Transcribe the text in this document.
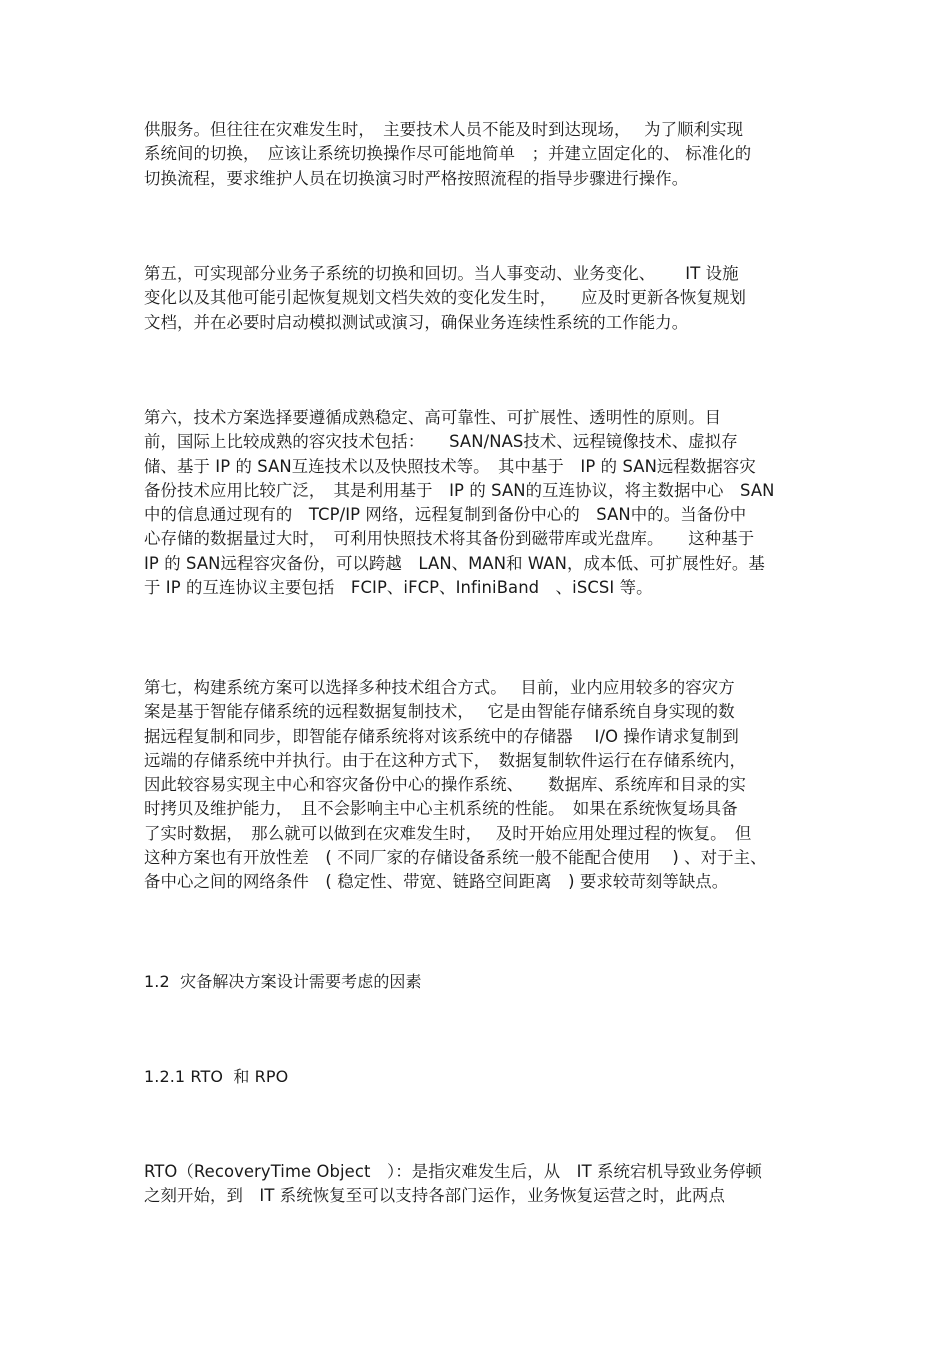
供服务。但往往在灾难发生时，　主要技术人员不能及时到达现场，　 为了顺利实现
系统间的切换，　应该让系统切换操作尽可能地简单　；并建立固定化的、 标准化的
切换流程，要求维护人员在切换演习时严格按照流程的指导步骤进行操作。
第五，可实现部分业务子系统的切换和回切。当人事变动、业务变化、　　 IT 设施
变化以及其他可能引起恢复规划文档失效的变化发生时，　　应及时更新各恢复规划
文档，并在必要时启动模拟测试或演习，确保业务连续性系统的工作能力。
第六，技术方案选择要遵循成熟稳定、高可靠性、可扩展性、透明性的原则。目
前，国际上比较成熟的容灾技术包括：　　SAN/NAS技术、远程镜像技术、虚拟存
储、基于 IP 的 SAN互连技术以及快照技术等。　其中基于　IP 的 SAN远程数据容灾
备份技术应用比较广泛，　其是利用基于　IP 的 SAN的互连协议，将主数据中心　SAN
中的信息通过现有的　TCP/IP 网络，远程复制到备份中心的　SAN中的。当备份中
心存储的数据量过大时，　可利用快照技术将其备份到磁带库或光盘库。　　这种基于
IP 的 SAN远程容灾备份，可以跨越　LAN、MAN和 WAN，成本低、可扩展性好。基
于 IP 的互连协议主要包括　FCIP、iFCP、InfiniBand　、iSCSI 等。
第七，构建系统方案可以选择多种技术组合方式。　 目前，业内应用较多的容灾方
案是基于智能存储系统的远程数据复制技术，　 它是由智能存储系统自身实现的数
据远程复制和同步，即智能存储系统将对该系统中的存储器　 I/O 操作请求复制到
远端的存储系统中并执行。由于在这种方式下，　数据复制软件运行在存储系统内，
因此较容易实现主中心和容灾备份中心的操作系统、　　数据库、系统库和目录的实
时拷贝及维护能力，　且不会影响主中心主机系统的性能。　如果在系统恢复场具备
了实时数据，　那么就可以做到在灾难发生时，　 及时开始应用处理过程的恢复。　但
这种方案也有开放性差　( 不同厂家的存储设备系统一般不能配合使用　 ) 、对于主、
备中心之间的网络条件　( 稳定性、带宽、链路空间距离　) 要求较苛刻等缺点。
1.2  灾备解决方案设计需要考虑的因素
1.2.1 RTO  和 RPO
RTO（RecoveryTime Object　）：是指灾难发生后，从　IT 系统宕机导致业务停顿
之刻开始，到　IT 系统恢复至可以支持各部门运作，业务恢复运营之时，此两点
